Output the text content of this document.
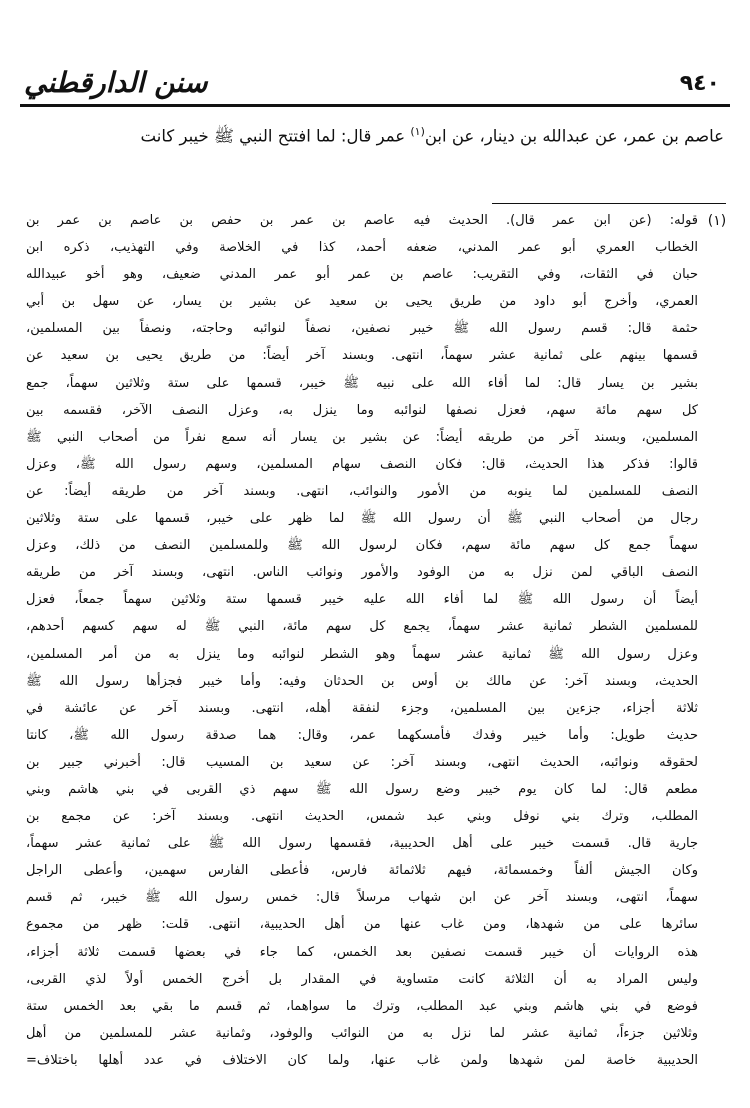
سنن الدارقطني	٩٤٠
عاصم بن عمر، عن عبدالله بن دينار، عن ابن$^{(١)}$ عمر قال: لما افتتح النبي ﷺ خيبر كانت
(١)
قوله: (عن ابن عمر قال). الحديث فيه عاصم بن عمر بن حفص بن عاصم بن عمر بن
الخطاب العمري أبو عمر المدني، ضعفه أحمد، كذا في الخلاصة وفي التهذيب، ذكره ابن
حبان في الثقات، وفي التقريب: عاصم بن عمر أبو عمر المدني ضعيف، وهو أخو عبيدالله
العمري، وأخرج أبو داود من طريق يحيى بن سعيد عن بشير بن يسار، عن سهل بن أبي
حثمة قال: قسم رسول الله ﷺ خيبر نصفين، نصفاً لنوائبه وحاجته، ونصفاً بين المسلمين،
قسمها بينهم على ثمانية عشر سهماً، انتهى. وبسند آخر أيضاً: من طريق يحيى بن سعيد عن
بشير بن يسار قال: لما أفاء الله على نبيه ﷺ خيبر، قسمها على ستة وثلاثين سهماً، جمع
كل سهم مائة سهم، فعزل نصفها لنوائبه وما ينزل به، وعزل النصف الآخر، فقسمه بين
المسلمين، وبسند آخر من طريقه أيضاً: عن بشير بن يسار أنه سمع نفراً من أصحاب النبي ﷺ
قالوا: فذكر هذا الحديث، قال: فكان النصف سهام المسلمين، وسهم رسول الله ﷺ، وعزل
النصف للمسلمين لما ينوبه من الأمور والنوائب، انتهى. وبسند آخر من طريقه أيضاً: عن
رجال من أصحاب النبي ﷺ أن رسول الله ﷺ لما ظهر على خيبر، قسمها على ستة وثلاثين
سهماً جمع كل سهم مائة سهم، فكان لرسول الله ﷺ وللمسلمين النصف من ذلك، وعزل
النصف الباقي لمن نزل به من الوفود والأمور ونوائب الناس. انتهى، وبسند آخر من طريقه
أيضاً أن رسول الله ﷺ لما أفاء الله عليه خيبر قسمها ستة وثلاثين سهماً جمعاً، فعزل
للمسلمين الشطر ثمانية عشر سهماً، يجمع كل سهم مائة، النبي ﷺ له سهم كسهم أحدهم،
وعزل رسول الله ﷺ ثمانية عشر سهماً وهو الشطر لنوائبه وما ينزل به من أمر المسلمين،
الحديث، وبسند آخر: عن مالك بن أوس بن الحدثان وفيه: وأما خيبر فجزأها رسول الله ﷺ
ثلاثة أجزاء، جزءين بين المسلمين، وجزء لنفقة أهله، انتهى. وبسند آخر عن عائشة في
حديث طويل: وأما خيبر وفدك فأمسكهما عمر، وقال: هما صدقة رسول الله ﷺ، كانتا
لحقوقه ونوائبه، الحديث انتهى، وبسند آخر: عن سعيد بن المسيب قال: أخبرني جبير بن
مطعم قال: لما كان يوم خيبر وضع رسول الله ﷺ سهم ذي القربى في بني هاشم وبني
المطلب، وترك بني نوفل وبني عبد شمس، الحديث انتهى. وبسند آخر: عن مجمع بن
جارية قال. قسمت خيبر على أهل الحديبية، فقسمها رسول الله ﷺ على ثمانية عشر سهماً،
وكان الجيش ألفاً وخمسمائة، فيهم ثلاثمائة فارس، فأعطى الفارس سهمين، وأعطى الراجل
سهماً، انتهى، وبسند آخر عن ابن شهاب مرسلاً قال: خمس رسول الله ﷺ خيبر، ثم قسم
سائرها على من شهدها، ومن غاب عنها من أهل الحديبية، انتهى. قلت: ظهر من مجموع
هذه الروايات أن خيبر قسمت نصفين بعد الخمس، كما جاء في بعضها قسمت ثلاثة أجزاء،
وليس المراد به أن الثلاثة كانت متساوية في المقدار بل أخرج الخمس أولاً لذي القربى،
فوضع في بني هاشم وبني عبد المطلب، وترك ما سواهما، ثم قسم ما بقي بعد الخمس ستة
وثلاثين جزءاً، ثمانية عشر لما نزل به من النوائب والوفود، وثمانية عشر للمسلمين من أهل
الحديبية خاصة لمن شهدها ولمن غاب عنها، ولما كان الاختلاف في عدد أهلها باختلاف=
